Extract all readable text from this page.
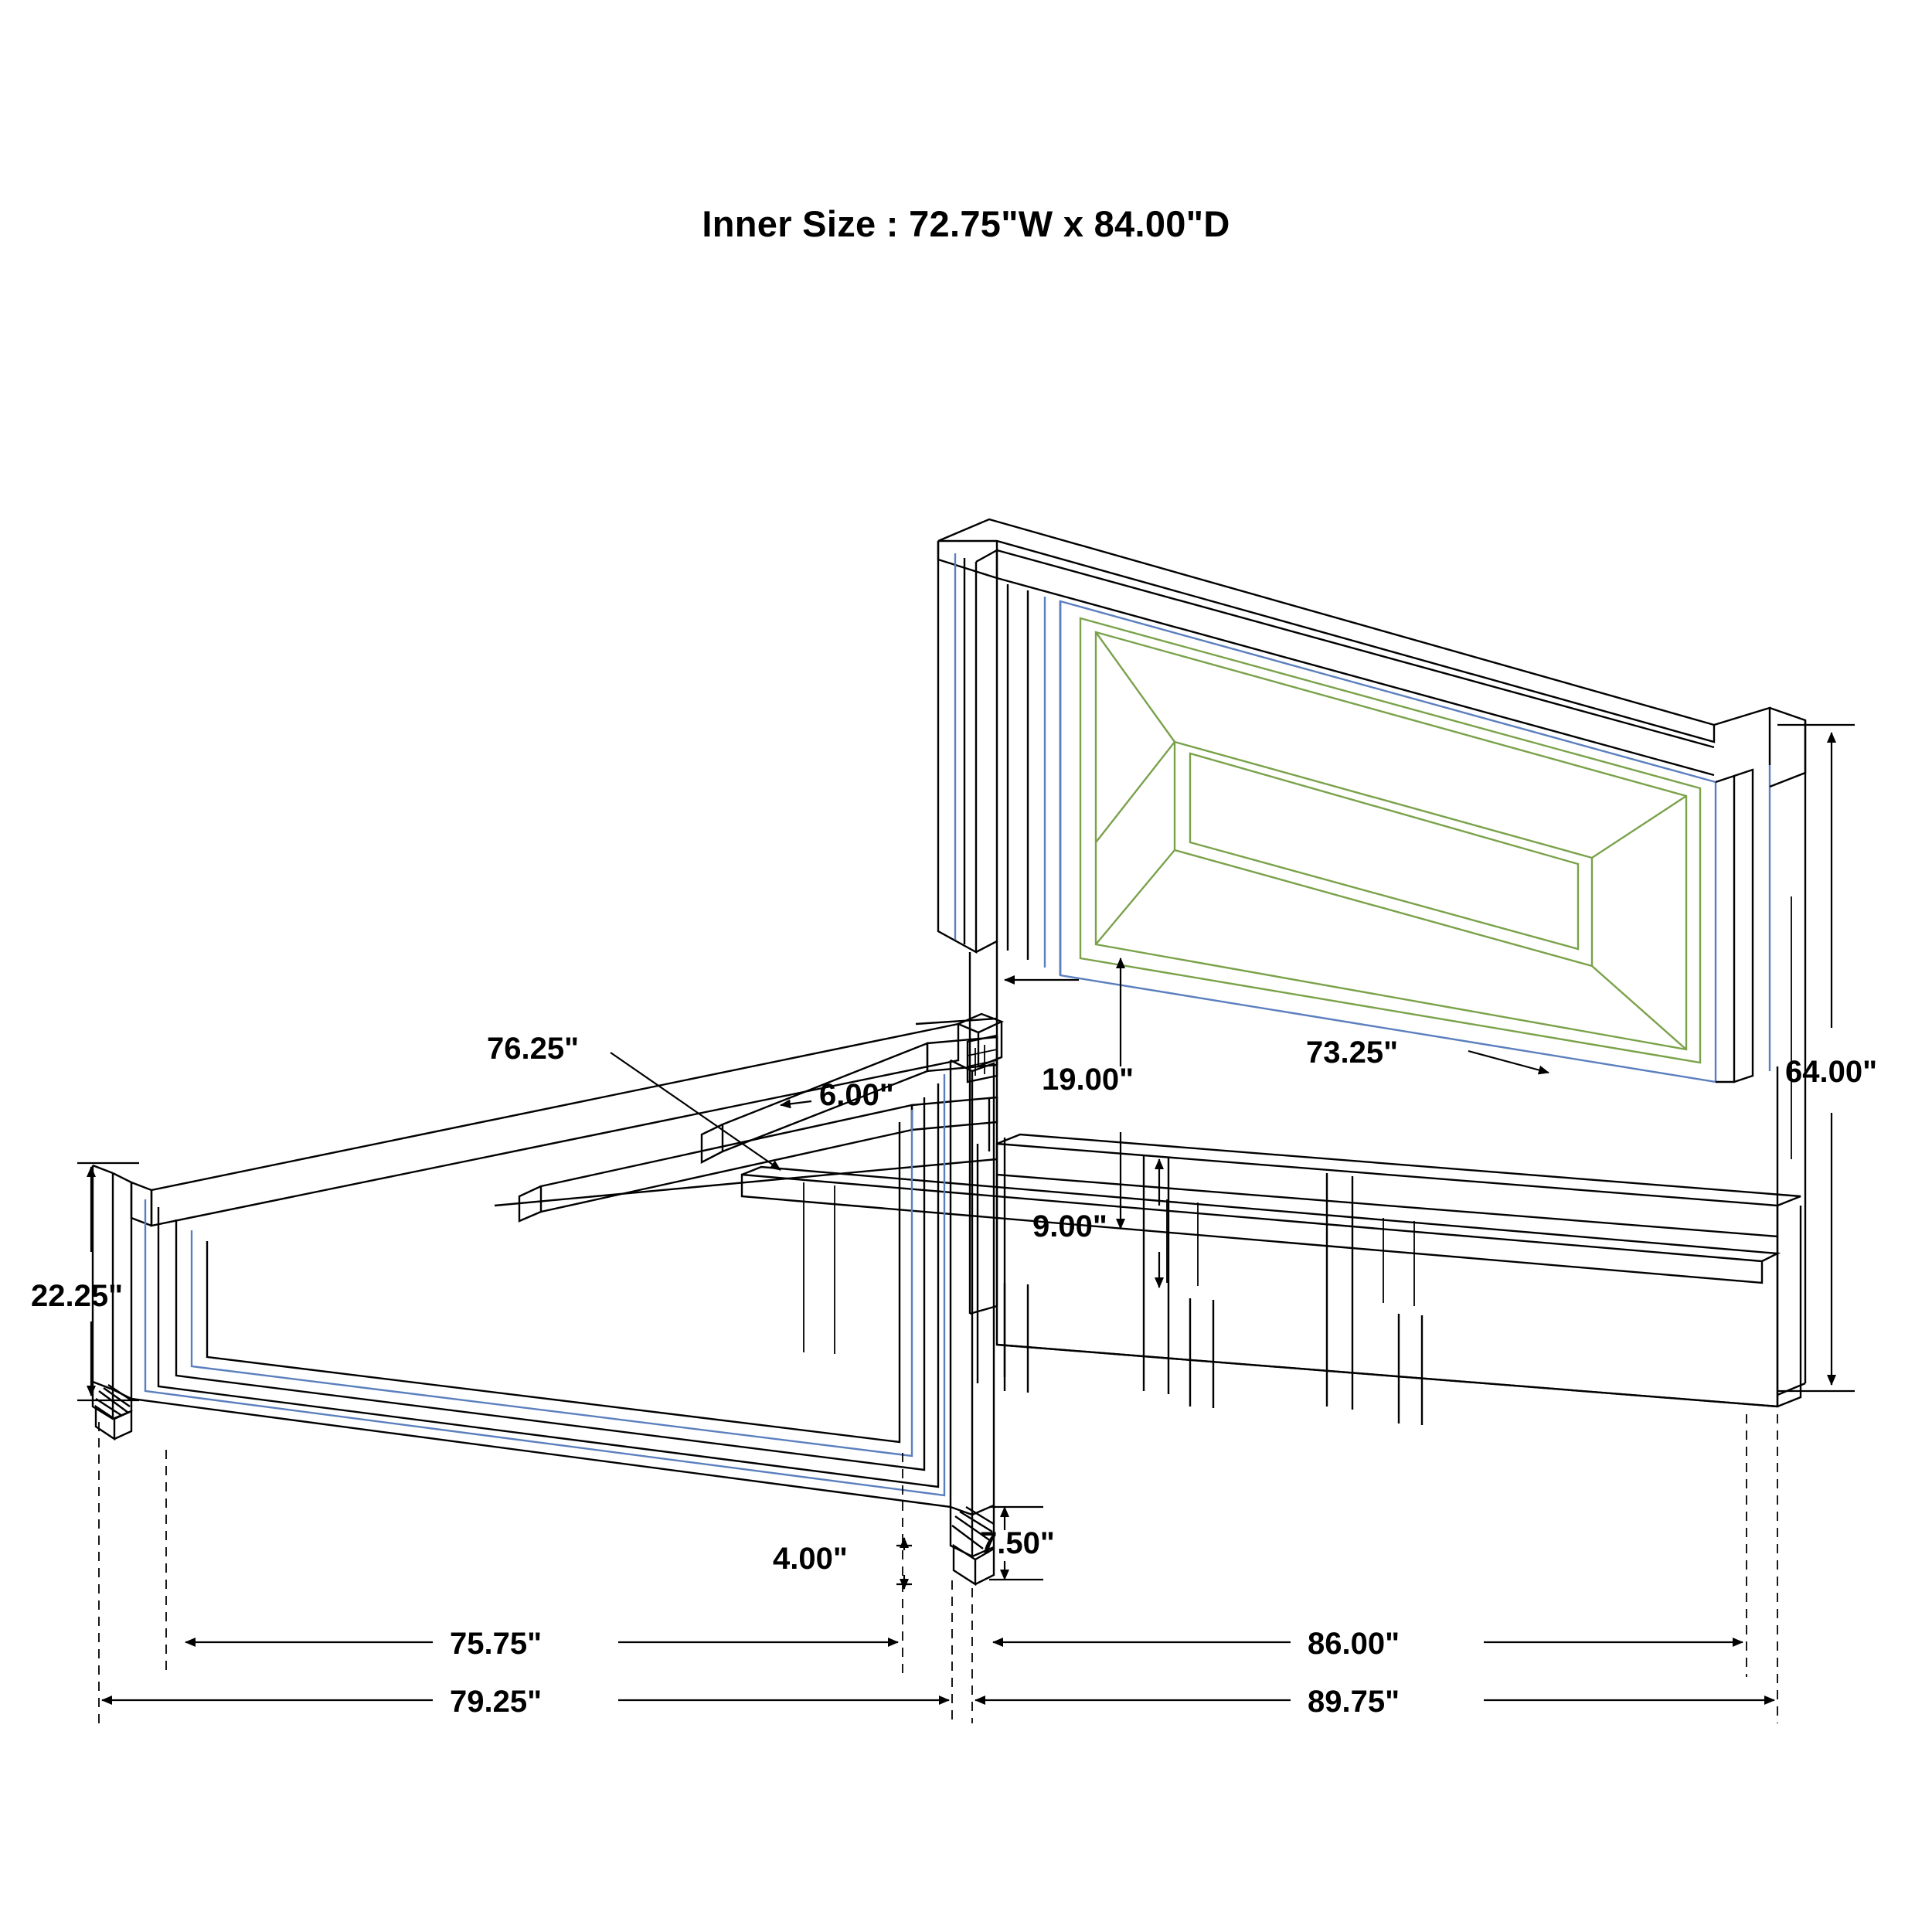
Inner Size : 72.75"W x 84.00"D
64.00"
19.00"
73.25"
9.00"
76.25"
6.00"
22.25"
7.50"
4.00"
75.75"	86.00"
79.25"	89.75"
